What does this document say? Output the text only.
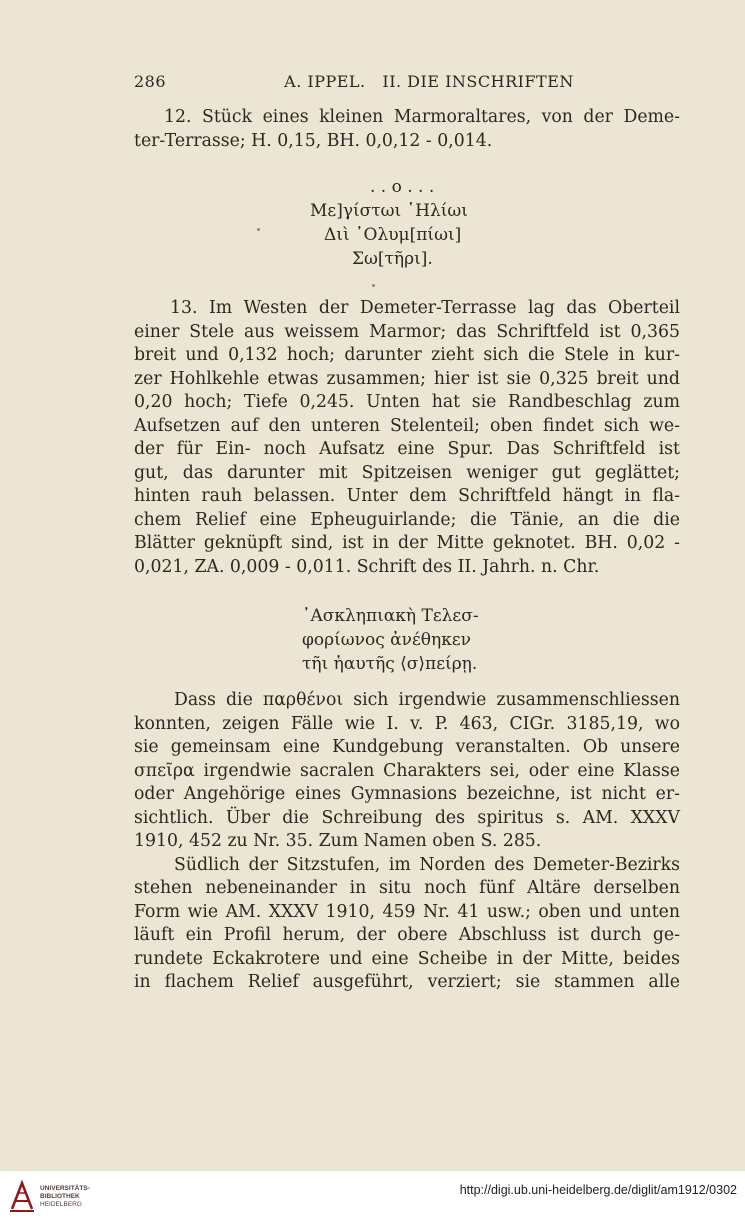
286	A. IPPEL.   II. DIE INSCHRIFTEN
12. Stück eines kleinen Marmoraltares, von der Deme-
ter-Terrasse; H. 0,15, BH. 0,0,12 - 0,014.
. . o . . .
Με]γίστωι ῾Ηλίωι
Διὶ ᾿Ολυμ[πίωι]
Σω[τῆρι].
13. Im Westen der Demeter-Terrasse lag das Oberteil
einer Stele aus weissem Marmor; das Schriftfeld ist 0,365
breit und 0,132 hoch; darunter zieht sich die Stele in kur-
zer Hohlkehle etwas zusammen; hier ist sie 0,325 breit und
0,20 hoch; Tiefe 0,245. Unten hat sie Randbeschlag zum
Aufsetzen auf den unteren Stelenteil; oben findet sich we-
der für Ein- noch Aufsatz eine Spur. Das Schriftfeld ist
gut, das darunter mit Spitzeisen weniger gut geglättet;
hinten rauh belassen. Unter dem Schriftfeld hängt in fla-
chem Relief eine Epheuguirlande; die Tänie, an die die
Blätter geknüpft sind, ist in der Mitte geknotet. BH. 0,02 -
0,021, ZA. 0,009 - 0,011. Schrift des II. Jahrh. n. Chr.
᾿Ασκληπιακὴ Τελεσ-
φορίωνος ἀνέθηκεν
τῆι ἡαυτῆς ⟨σ⟩πείρῃ.
Dass die παρθένοι sich irgendwie zusammenschliessen
konnten, zeigen Fälle wie I. v. P. 463, CIGr. 3185,19, wo
sie gemeinsam eine Kundgebung veranstalten. Ob unsere
σπεῖρα irgendwie sacralen Charakters sei, oder eine Klasse
oder Angehörige eines Gymnasions bezeichne, ist nicht er-
sichtlich. Über die Schreibung des spiritus s. AM. XXXV
1910, 452 zu Nr. 35. Zum Namen oben S. 285.
Südlich der Sitzstufen, im Norden des Demeter-Bezirks
stehen nebeneinander in situ noch fünf Altäre derselben
Form wie AM. XXXV 1910, 459 Nr. 41 usw.; oben und unten
läuft ein Profil herum, der obere Abschluss ist durch ge-
rundete Eckakrotere und eine Scheibe in der Mitte, beides
in flachem Relief ausgeführt, verziert; sie stammen alle
UNIVERSITÄTS-
BIBLIOTHEK
HEIDELBERG
http://digi.ub.uni-heidelberg.de/diglit/am1912/0302
